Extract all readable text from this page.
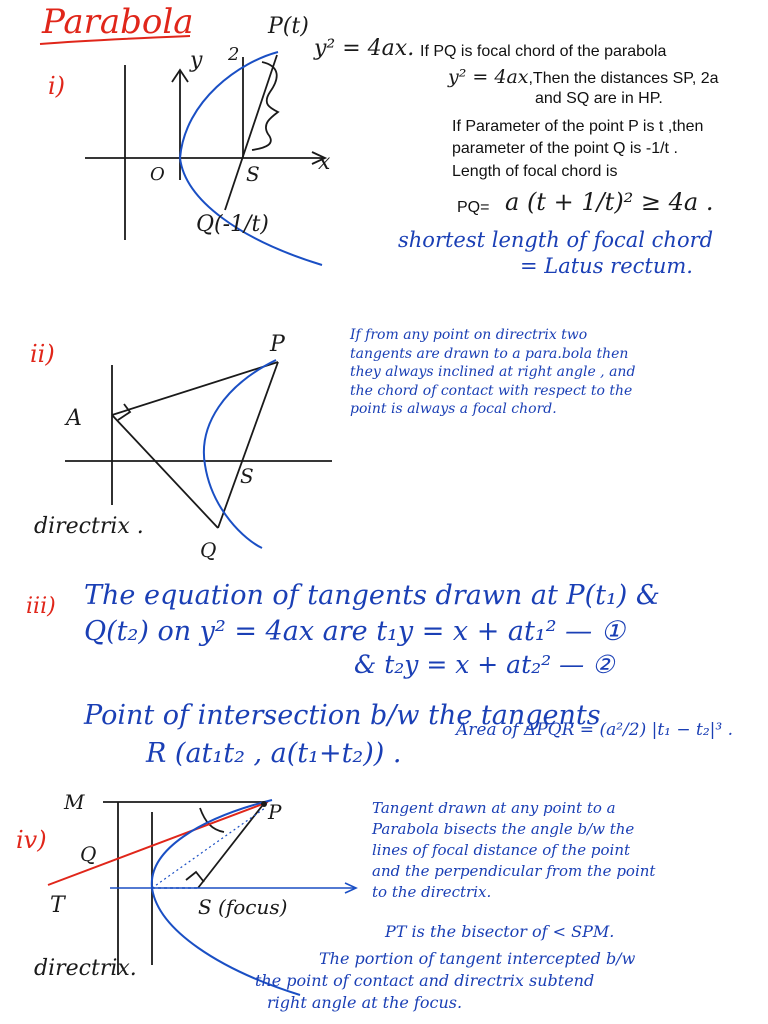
Parabola
i)
y
x
O	S
2
P(t)
y² = 4ax.
Q(-1/t)
If PQ is focal chord of the parabola
y² = 4ax,Then the distances SP, 2a
and SQ are in HP.
If Parameter of the point P is t ,then
parameter of the point Q is -1/t .
Length of focal chord is
PQ= a (t + 1/t)² ≥ 4a .
shortest length of focal chord
= Latus rectum.
ii)
A
P
S
Q
directrix .
If from any point on directrix two
tangents are drawn to a para.bola then
they always inclined at right angle , and
the chord of contact with respect to the
point is always a focal chord.
iii) The equation of tangents drawn at P(t₁) &
Q(t₂) on y² = 4ax are t₁y = x + at₁² — ①
& t₂y = x + at₂² — ②
Point of intersection b/w the tangents
R (at₁t₂ , a(t₁+t₂)) .
Area of ΔPQR = (a²/2) |t₁ − t₂|³ .
iv)
M	P
Q
T	S (focus)
directrix.
Tangent drawn at any point to a
Parabola bisects the angle b/w the
lines of focal distance of the point
and the perpendicular from the point
to the directrix.
PT is the bisector of < SPM.
The portion of tangent intercepted b/w
the point of contact and directrix subtend
right angle at the focus.
